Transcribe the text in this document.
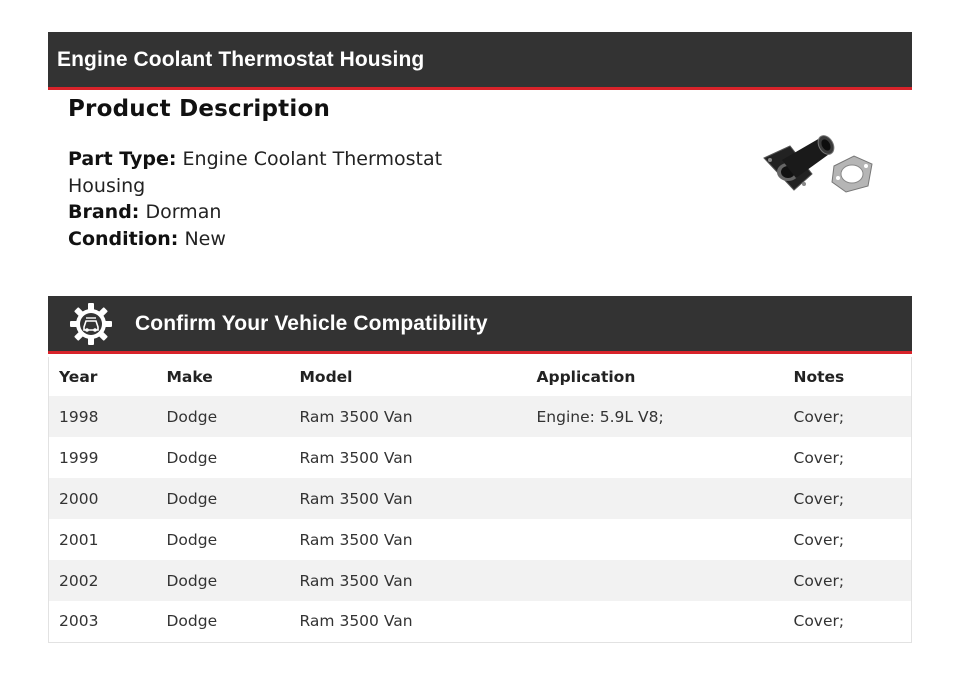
Engine Coolant Thermostat Housing
Product Description
Part Type: Engine Coolant Thermostat Housing
Brand: Dorman
Condition: New
Confirm Your Vehicle Compatibility
Year	Make	Model	Application	Notes
1998	Dodge	Ram 3500 Van	Engine: 5.9L V8;	Cover;
1999	Dodge	Ram 3500 Van		Cover;
2000	Dodge	Ram 3500 Van		Cover;
2001	Dodge	Ram 3500 Van		Cover;
2002	Dodge	Ram 3500 Van		Cover;
2003	Dodge	Ram 3500 Van		Cover;
